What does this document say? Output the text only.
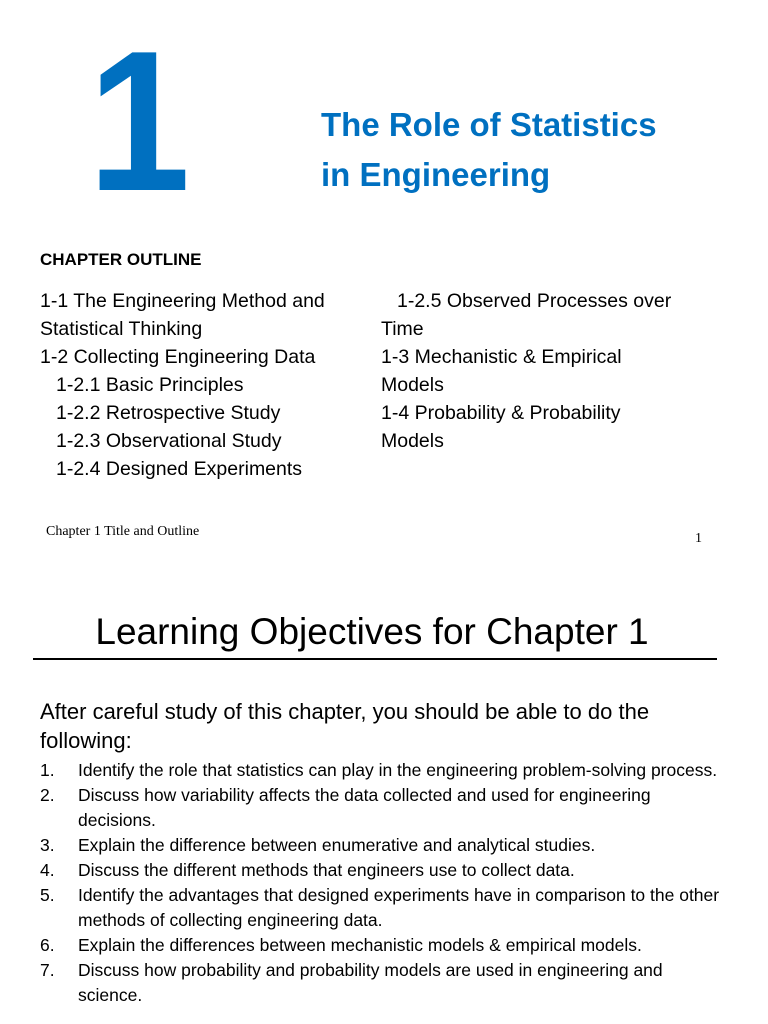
1	The Role of Statistics
in Engineering
CHAPTER OUTLINE
1-1 The Engineering Method and
Statistical Thinking
1-2 Collecting Engineering Data
1-2.1 Basic Principles
1-2.2 Retrospective Study
1-2.3 Observational Study
1-2.4 Designed Experiments
1-2.5 Observed Processes over
Time
1-3 Mechanistic & Empirical
Models
1-4 Probability & Probability
Models
Chapter 1 Title and Outline	1
Learning Objectives for Chapter 1
After careful study of this chapter, you should be able to do the following:
1. Identify the role that statistics can play in the engineering problem-solving process.
2. Discuss how variability affects the data collected and used for engineering decisions.
3. Explain the difference between enumerative and analytical studies.
4. Discuss the different methods that engineers use to collect data.
5. Identify the advantages that designed experiments have in comparison to the other methods of collecting engineering data.
6. Explain the differences between mechanistic models & empirical models.
7. Discuss how probability and probability models are used in engineering and science.
